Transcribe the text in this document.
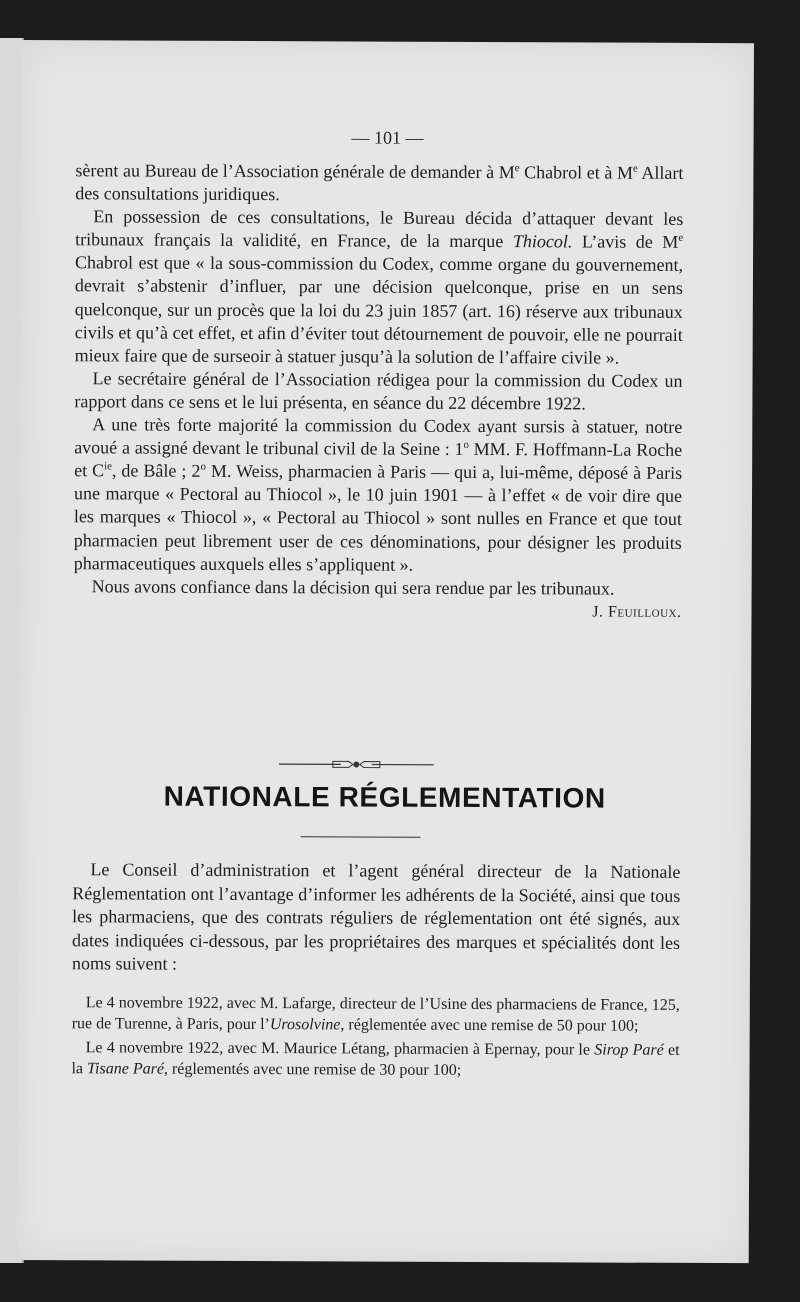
— 101 —

sèrent au Bureau de l’Association générale de demander à Me Chabrol et à Me Allart des consultations juridiques.

En possession de ces consultations, le Bureau décida d’attaquer devant les tribunaux français la validité, en France, de la marque Thiocol. L’avis de Me Chabrol est que « la sous-commission du Codex, comme organe du gouvernement, devrait s’abstenir d’influer, par une décision quelconque, prise en un sens quelconque, sur un procès que la loi du 23 juin 1857 (art. 16) réserve aux tribunaux civils et qu’à cet effet, et afin d’éviter tout détournement de pouvoir, elle ne pourrait mieux faire que de surseoir à statuer jusqu’à la solution de l’affaire civile ».

Le secrétaire général de l’Association rédigea pour la commission du Codex un rapport dans ce sens et le lui présenta, en séance du 22 décembre 1922.

A une très forte majorité la commission du Codex ayant sursis à statuer, notre avoué a assigné devant le tribunal civil de la Seine : 1$^o$ MM. F. Hoffmann-La Roche et $C^{ie}$, de Bâle ; 2$^o$ M. Weiss, pharmacien à Paris — qui a, lui-même, déposé à Paris une marque « Pectoral au Thiocol », le 10 juin 1901 — à l’effet « de voir dire que les marques « Thiocol », « Pectoral au Thiocol » sont nulles en France et que tout pharmacien peut librement user de ces dénominations, pour désigner les produits pharmaceutiques auxquels elles s’appliquent ».

Nous avons confiance dans la décision qui sera rendue par les tribunaux.

J. Feuilloux.
NATIONALE RÉGLEMENTATION

Le Conseil d’administration et l’agent général directeur de la Nationale Réglementation ont l’avantage d’informer les adhérents de la Société, ainsi que tous les pharmaciens, que des contrats réguliers de réglementation ont été signés, aux dates indiquées ci-dessous, par les propriétaires des marques et spécialités dont les noms suivent :

Le 4 novembre 1922, avec M. Lafarge, directeur de l’Usine des pharmaciens de France, 125, rue de Turenne, à Paris, pour l’Urosolvine, réglementée avec une remise de 50 pour 100;

Le 4 novembre 1922, avec M. Maurice Létang, pharmacien à Epernay, pour le Sirop Paré et la Tisane Paré, réglementés avec une remise de 30 pour 100;
